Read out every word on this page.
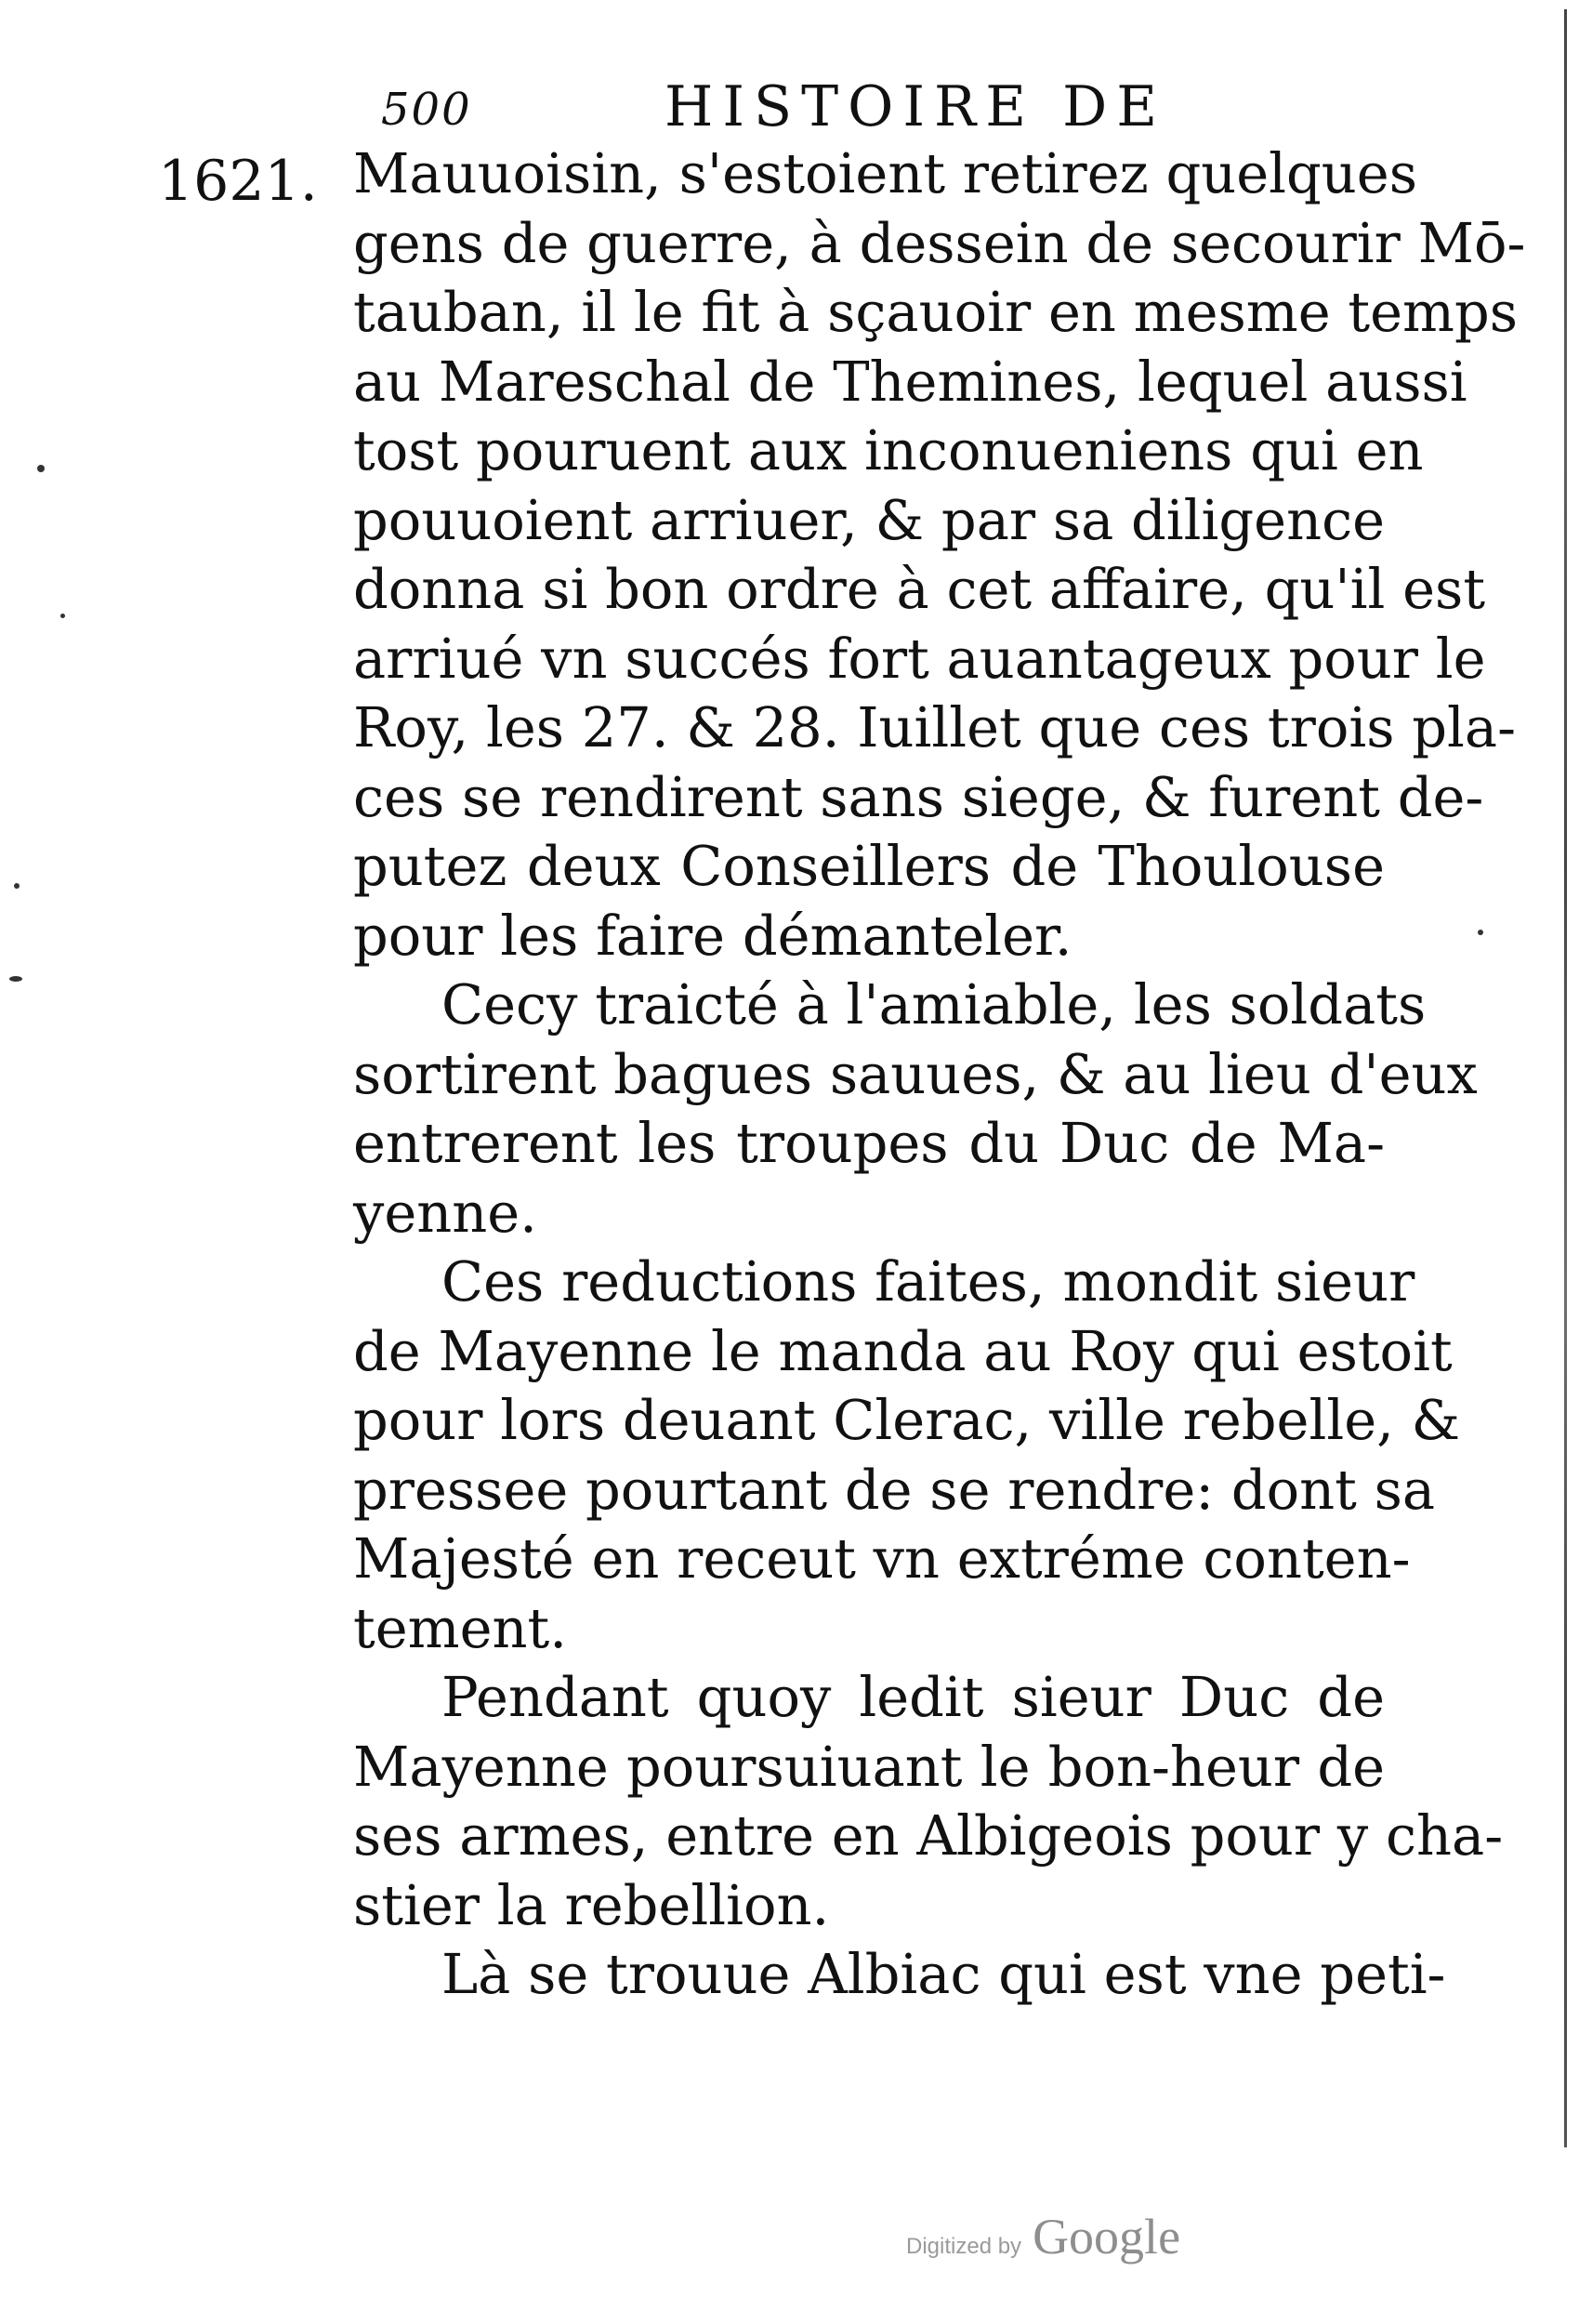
500	HISTOIRE DE
1621. Mauuoisin, s'estoient retirez quelques
gens de guerre, à dessein de secourir Mō-
tauban, il le fit à sçauoir en mesme temps
au Mareschal de Themines, lequel aussi
tost pouruent aux inconueniens qui en
pouuoient arriuer, & par sa diligence
donna si bon ordre à cet affaire, qu'il est
arriué vn succés fort auantageux pour le
Roy, les 27. & 28. Iuillet que ces trois pla-
ces se rendirent sans siege, & furent de-
putez deux Conseillers de Thoulouse
pour les faire démanteler.
Cecy traicté à l'amiable, les soldats
sortirent bagues sauues, & au lieu d'eux
entrerent les troupes du Duc de Ma-
yenne.
Ces reductions faites, mondit sieur
de Mayenne le manda au Roy qui estoit
pour lors deuant Clerac, ville rebelle, &
pressee pourtant de se rendre: dont sa
Majesté en receut vn extréme conten-
tement.
Pendant quoy ledit sieur Duc de
Mayenne poursuiuant le bon-heur de
ses armes, entre en Albigeois pour y cha-
stier la rebellion.
Là se trouue Albiac qui est vne peti-
Digitized by Google
